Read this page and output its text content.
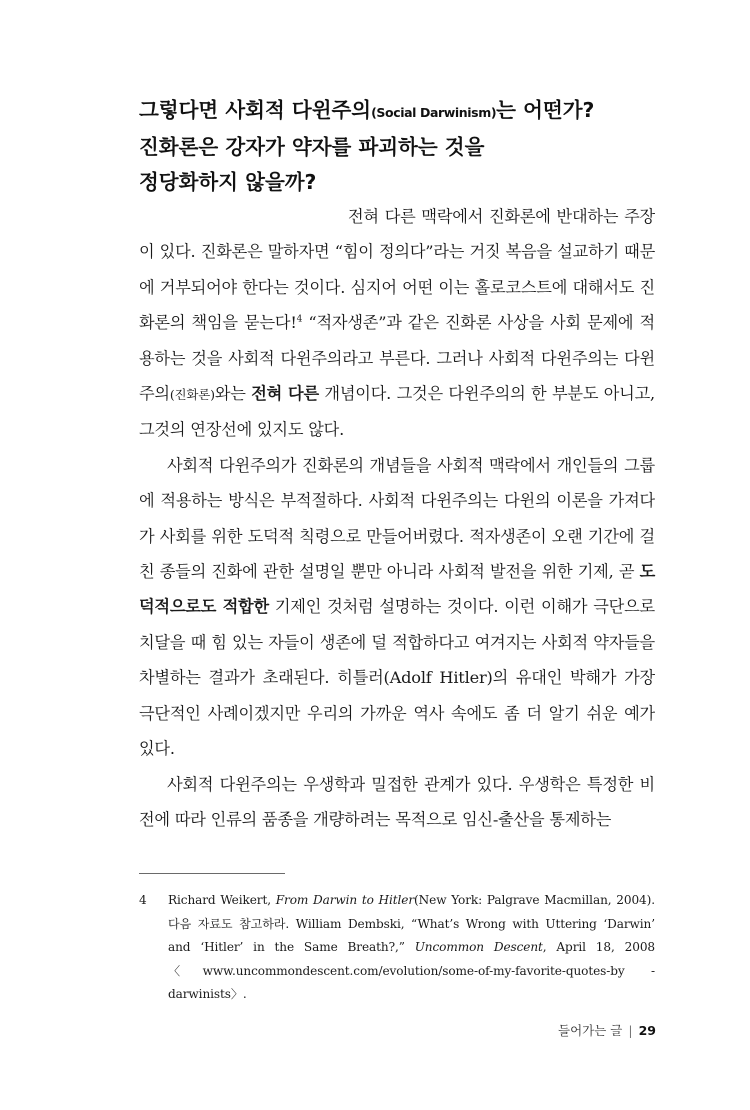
그렇다면 사회적 다윈주의(Social Darwinism)는 어떤가?
진화론은 강자가 약자를 파괴하는 것을
정당화하지 않을까?

전혀 다른 맥락에서 진화론에 반대하는 주장이 있다. 진화론은 말하자면 “힘이 정의다”라는 거짓 복음을 설교하기 때문에 거부되어야 한다는 것이다. 심지어 어떤 이는 홀로코스트에 대해서도 진화론의 책임을 묻는다!$^4$ “적자생존”과 같은 진화론 사상을 사회 문제에 적용하는 것을 사회적 다윈주의라고 부른다. 그러나 사회적 다윈주의는 다윈주의(진화론)와는 전혀 다른 개념이다. 그것은 다윈주의의 한 부분도 아니고, 그것의 연장선에 있지도 않다.

사회적 다윈주의가 진화론의 개념들을 사회적 맥락에서 개인들의 그룹에 적용하는 방식은 부적절하다. 사회적 다윈주의는 다윈의 이론을 가져다가 사회를 위한 도덕적 칙령으로 만들어버렸다. 적자생존이 오랜 기간에 걸친 종들의 진화에 관한 설명일 뿐만 아니라 사회적 발전을 위한 기제, 곧 도덕적으로도 적합한 기제인 것처럼 설명하는 것이다. 이런 이해가 극단으로 치달을 때 힘 있는 자들이 생존에 덜 적합하다고 여겨지는 사회적 약자들을 차별하는 결과가 초래된다. 히틀러(Adolf Hitler)의 유대인 박해가 가장 극단적인 사례이겠지만 우리의 가까운 역사 속에도 좀 더 알기 쉬운 예가 있다.

사회적 다윈주의는 우생학과 밀접한 관계가 있다. 우생학은 특정한 비전에 따라 인류의 품종을 개량하려는 목적으로 임신-출산을 통제하는

4 Richard Weikert, From Darwin to Hitler(New York: Palgrave Macmillan, 2004). 다음 자료도 참고하라. William Dembski, “What’s Wrong with Uttering ‘Darwin’ and ‘Hitler’ in the Same Breath?,” Uncommon Descent, April 18, 2008〈www.uncommondescent.com/evolution/some-of-my-favorite-quotes-by -darwinists〉.
들어가는 글 | 29
